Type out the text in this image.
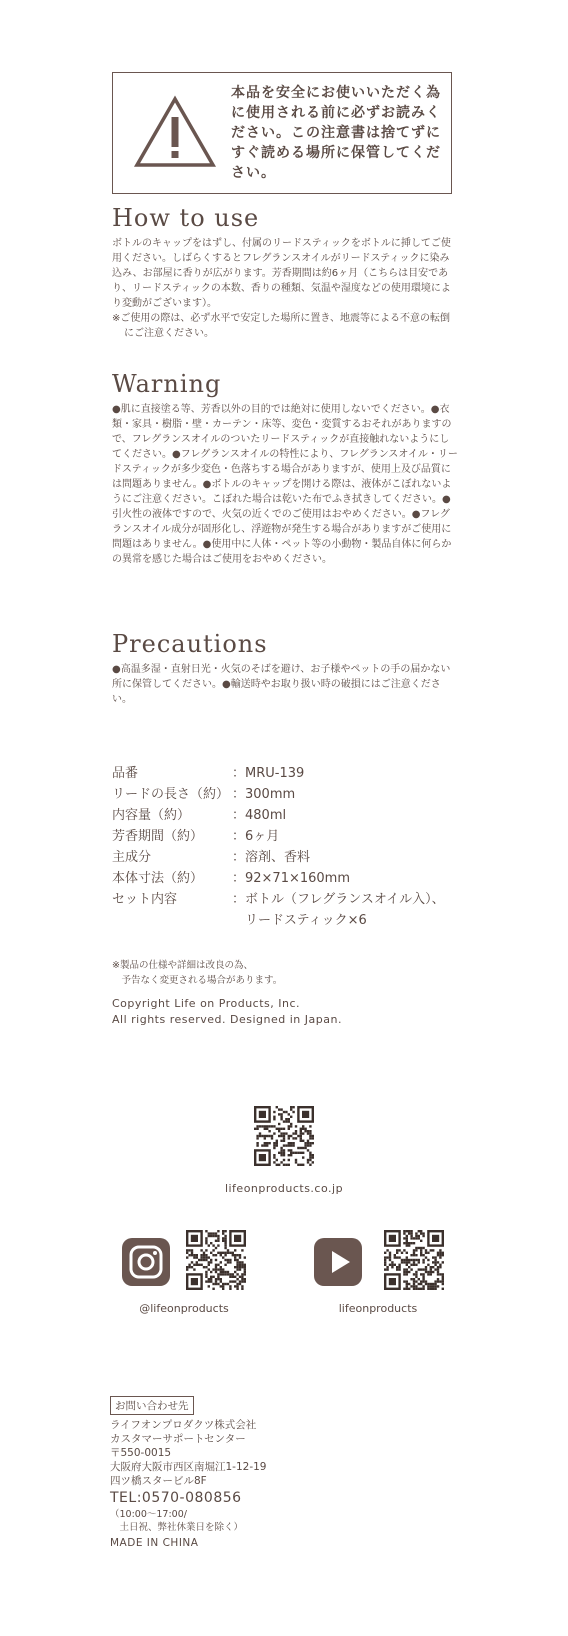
本品を安全にお使いいただく為に使用される前に必ずお読みください。この注意書は捨てずにすぐ読める場所に保管してください。
How to use

ボトルのキャップをはずし、付属のリードスティックをボトルに挿してご使用ください。しばらくするとフレグランスオイルがリードスティックに染み込み、お部屋に香りが広がります。芳香期間は約6ヶ月（こちらは目安であり、リードスティックの本数、香りの種類、気温や湿度などの使用環境により変動がございます）。

※ご使用の際は、必ず水平で安定した場所に置き、地震等による不意の転倒にご注意ください。

Warning

●肌に直接塗る等、芳香以外の目的では絶対に使用しないでください。●衣類・家具・樹脂・壁・カーテン・床等、変色・変質するおそれがありますので、フレグランスオイルのついたリードスティックが直接触れないようにしてください。●フレグランスオイルの特性により、フレグランスオイル・リードスティックが多少変色・色落ちする場合がありますが、使用上及び品質には問題ありません。●ボトルのキャップを開ける際は、液体がこぼれないようにご注意ください。こぼれた場合は乾いた布でふき拭きしてください。●引火性の液体ですので、火気の近くでのご使用はおやめください。●フレグランスオイル成分が固形化し、浮遊物が発生する場合がありますがご使用に問題はありません。●使用中に人体・ペット等の小動物・製品自体に何らかの異常を感じた場合はご使用をおやめください。

Precautions

●高温多湿・直射日光・火気のそばを避け、お子様やペットの手の届かない所に保管してください。●輸送時やお取り扱い時の破損にはご注意ください。

品番	：MRU-139
リードの長さ（約）	：300mm
内容量（約）	：480ml
芳香期間（約）	：6ヶ月
主成分	：溶剤、香料
本体寸法（約）	：92×71×160mm
セット内容	：ボトル（フレグランスオイル入）、
	　リードスティック×6
※製品の仕様や詳細は改良の為、
　予告なく変更される場合があります。
Copyright Life on Products, Inc.
All rights reserved. Designed in Japan.
lifeonproducts.co.jp
@lifeonproducts	lifeonproducts
お問い合わせ先

ライフオンプロダクツ株式会社

カスタマーサポートセンター

〒550-0015

大阪府大阪市西区南堀江1-12-19

四ツ橋スタービル8F

TEL:0570-080856

（10:00～17:00/

　土日祝、弊社休業日を除く）

MADE IN CHINA
